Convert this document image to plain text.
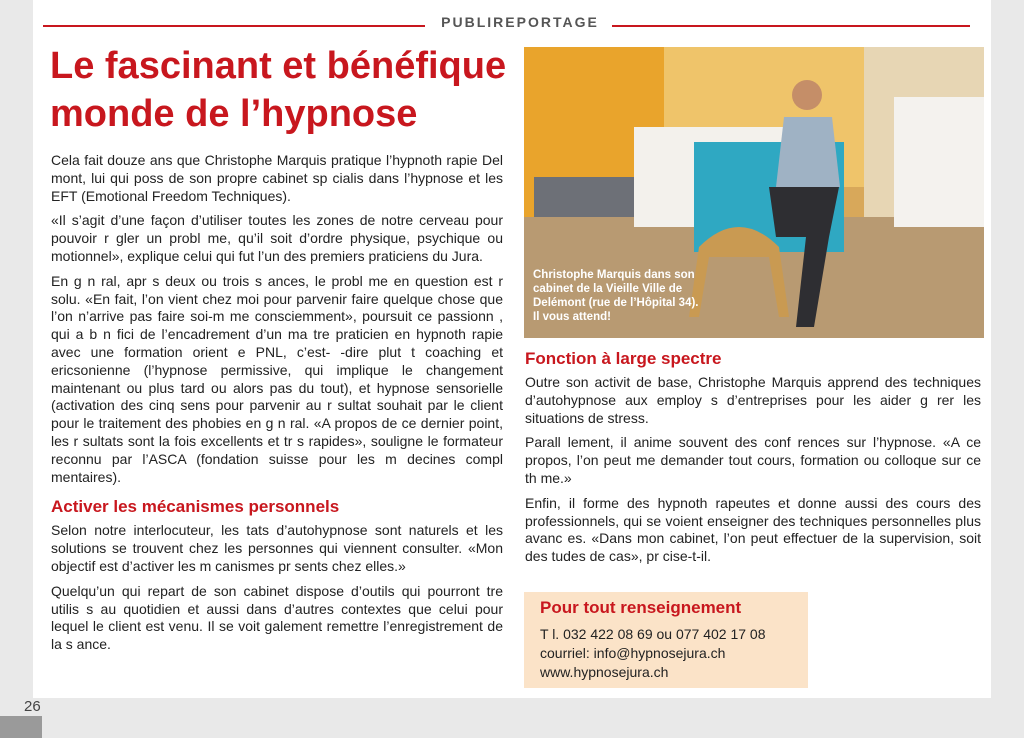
PUBLIREPORTAGE
Le fascinant et bénéfique
monde de l’hypnose

Cela fait douze ans que Christophe Marquis pratique l’hypnoth rapie Del mont, lui qui poss de son propre cabinet sp cialis dans l’hypnose et les EFT (Emotional Freedom Techniques).

«Il s’agit d’une façon d’utiliser toutes les zones de notre cerveau pour pouvoir r gler un probl me, qu’il soit d’ordre physique, psychique ou motionnel», explique celui qui fut l’un des premiers praticiens du Jura.

En g n ral, apr s deux ou trois s ances, le probl me en question est r solu. «En fait, l’on vient chez moi pour parvenir faire quelque chose que l’on n’arrive pas faire soi-m me consciemment», poursuit ce passionn , qui a b n fici de l’encadrement d’un ma tre praticien en hypnoth rapie avec une formation orient e PNL, c’est- -dire plut t coaching et ericsonienne (l’hypnose permissive, qui implique le changement maintenant ou plus tard ou alors pas du tout), et hypnose sensorielle (activation des cinq sens pour parvenir au r sultat souhait par le client pour le traitement des phobies en g n ral. «A propos de ce dernier point, les r sultats sont la fois excellents et tr s rapides», souligne le formateur reconnu par l’ASCA (fondation suisse pour les m decines compl mentaires).

Activer les mécanismes personnels

Selon notre interlocuteur, les tats d’autohypnose sont naturels et les solutions se trouvent chez les personnes qui viennent consulter. «Mon objectif est d’activer les m canismes pr sents chez elles.»

Quelqu’un qui repart de son cabinet dispose d’outils qui pourront tre utilis s au quotidien et aussi dans d’autres contextes que celui pour lequel le client est venu. Il se voit galement remettre l’enregistrement de la s ance.

Christophe Marquis dans son cabinet de la Vieille Ville de Delémont (rue de l’Hôpital 34). Il vous attend!
Fonction à large spectre

Outre son activit de base, Christophe Marquis apprend des techniques d’autohypnose aux employ s d’entreprises pour les aider g rer les situations de stress.

Parall lement, il anime souvent des conf rences sur l’hypnose. «A ce propos, l’on peut me demander tout cours, formation ou colloque sur ce th me.»

Enfin, il forme des hypnoth rapeutes et donne aussi des cours des professionnels, qui se voient enseigner des techniques personnelles plus avanc es. «Dans mon cabinet, l’on peut effectuer de la supervision, soit des tudes de cas», pr cise-t-il.

Pour tout renseignement
T l. 032 422 08 69 ou 077 402 17 08
courriel: info@hypnosejura.ch
www.hypnosejura.ch
26
